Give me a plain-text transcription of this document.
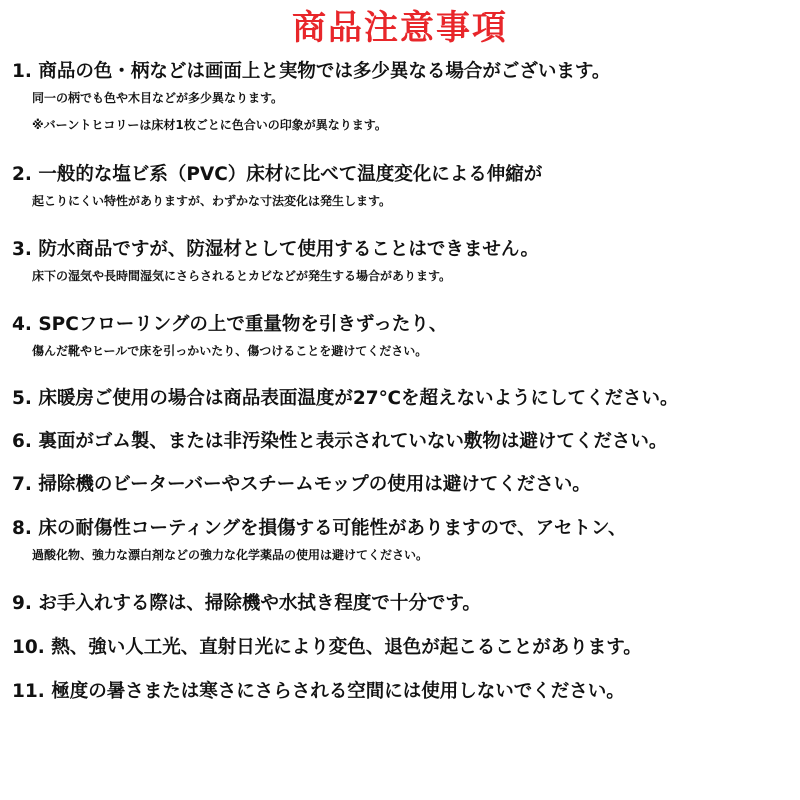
商品注意事項
1. 商品の色・柄などは画面上と実物では多少異なる場合がございます。
同一の柄でも色や木目などが多少異なります。
※バーントヒコリーは床材1枚ごとに色合いの印象が異なります。
2. 一般的な塩ビ系（PVC）床材に比べて温度変化による伸縮が
起こりにくい特性がありますが、わずかな寸法変化は発生します。
3. 防水商品ですが、防湿材として使用することはできません。
床下の湿気や長時間湿気にさらされるとカビなどが発生する場合があります。
4. SPCフローリングの上で重量物を引きずったり、
傷んだ靴やヒールで床を引っかいたり、傷つけることを避けてください。
5. 床暖房ご使用の場合は商品表面温度が27℃を超えないようにしてください。
6. 裏面がゴム製、または非汚染性と表示されていない敷物は避けてください。
7. 掃除機のビーターバーやスチームモップの使用は避けてください。
8. 床の耐傷性コーティングを損傷する可能性がありますので、アセトン、
過酸化物、強力な漂白剤などの強力な化学薬品の使用は避けてください。
9. お手入れする際は、掃除機や水拭き程度で十分です。
10. 熱、強い人工光、直射日光により変色、退色が起こることがあります。
11. 極度の暑さまたは寒さにさらされる空間には使用しないでください。
